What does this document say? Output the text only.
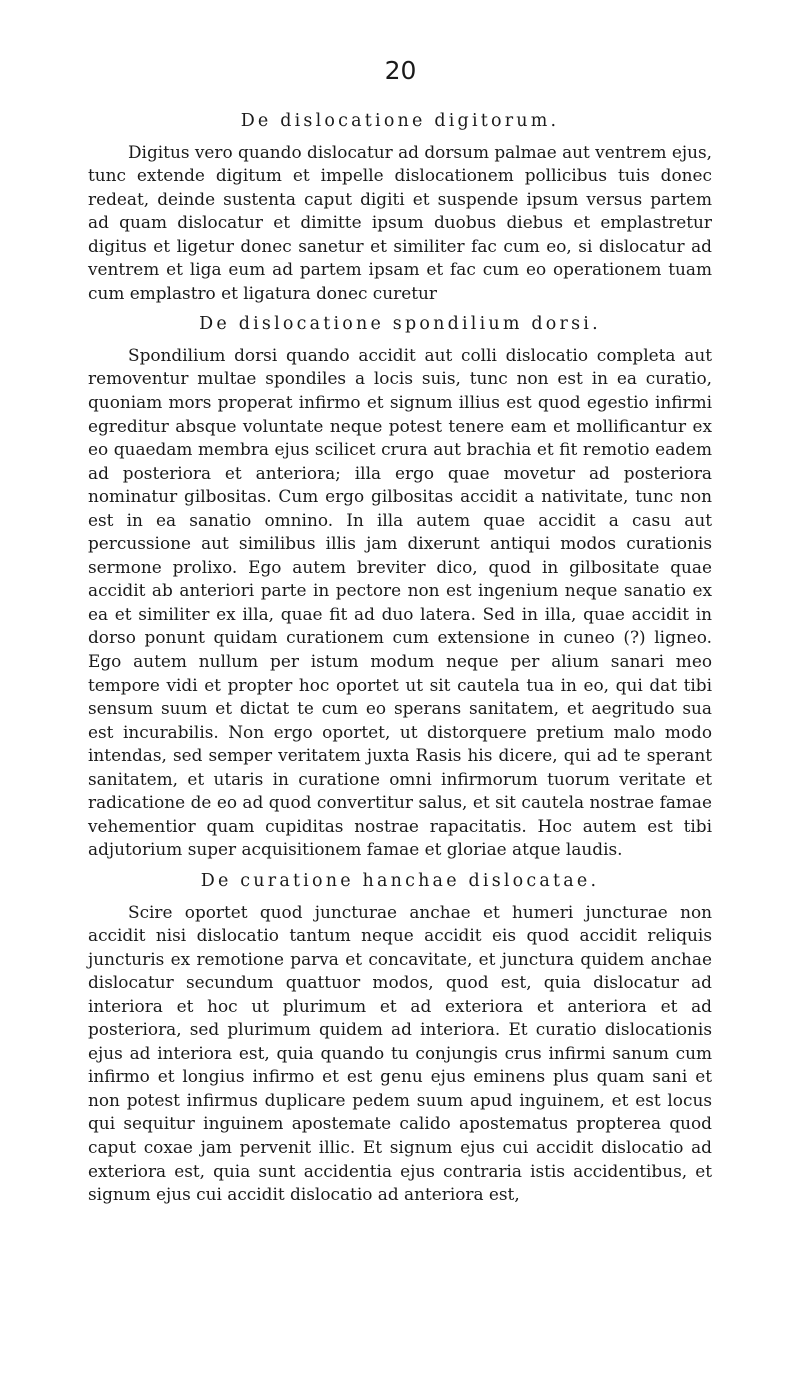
20
De dislocatione digitorum.

Digitus vero quando dislocatur ad dorsum palmae aut ventrem ejus, tunc extende digitum et impelle dislocationem pollicibus tuis donec redeat, deinde sustenta caput digiti et suspende ipsum versus partem ad quam dislocatur et dimitte ipsum duobus diebus et emplastretur digitus et ligetur donec sanetur et similiter fac cum eo, si dislocatur ad ventrem et liga eum ad partem ipsam et fac cum eo operationem tuam cum emplastro et ligatura donec curetur

De dislocatione spondilium dorsi.

Spondilium dorsi quando accidit aut colli dislocatio completa aut removentur multae spondiles a locis suis, tunc non est in ea curatio, quoniam mors properat infirmo et signum illius est quod egestio infirmi egreditur absque voluntate neque potest tenere eam et mollificantur ex eo quaedam membra ejus scilicet crura aut brachia et fit remotio eadem ad posteriora et anteriora; illa ergo quae movetur ad posteriora nominatur gilbositas. Cum ergo gilbositas accidit a nativitate, tunc non est in ea sanatio omnino. In illa autem quae accidit a casu aut percussione aut similibus illis jam dixerunt antiqui modos curationis sermone prolixo. Ego autem breviter dico, quod in gilbositate quae accidit ab anteriori parte in pectore non est ingenium neque sanatio ex ea et similiter ex illa, quae fit ad duo latera. Sed in illa, quae accidit in dorso ponunt quidam curationem cum extensione in cuneo (?) ligneo. Ego autem nullum per istum modum neque per alium sanari meo tempore vidi et propter hoc oportet ut sit cautela tua in eo, qui dat tibi sensum suum et dictat te cum eo sperans sanitatem, et aegritudo sua est incurabilis. Non ergo oportet, ut distorquere pretium malo modo intendas, sed semper veritatem juxta Rasis his dicere, qui ad te sperant sanitatem, et utaris in curatione omni infirmorum tuorum veritate et radicatione de eo ad quod convertitur salus, et sit cautela nostrae famae vehementior quam cupiditas nostrae rapacitatis. Hoc autem est tibi adjutorium super acquisitionem famae et gloriae atque laudis.

De curatione hanchae dislocatae.

Scire oportet quod juncturae anchae et humeri juncturae non accidit nisi dislocatio tantum neque accidit eis quod accidit reliquis juncturis ex remotione parva et concavitate, et junctura quidem anchae dislocatur secundum quattuor modos, quod est, quia dislocatur ad interiora et hoc ut plurimum et ad exteriora et anteriora et ad posteriora, sed plurimum quidem ad interiora. Et curatio dislocationis ejus ad interiora est, quia quando tu conjungis crus infirmi sanum cum infirmo et longius infirmo et est genu ejus eminens plus quam sani et non potest infirmus duplicare pedem suum apud inguinem, et est locus qui sequitur inguinem apostemate calido apostematus propterea quod caput coxae jam pervenit illic. Et signum ejus cui accidit dislocatio ad exteriora est, quia sunt accidentia ejus contraria istis accidentibus, et signum ejus cui accidit dislocatio ad anteriora est,
